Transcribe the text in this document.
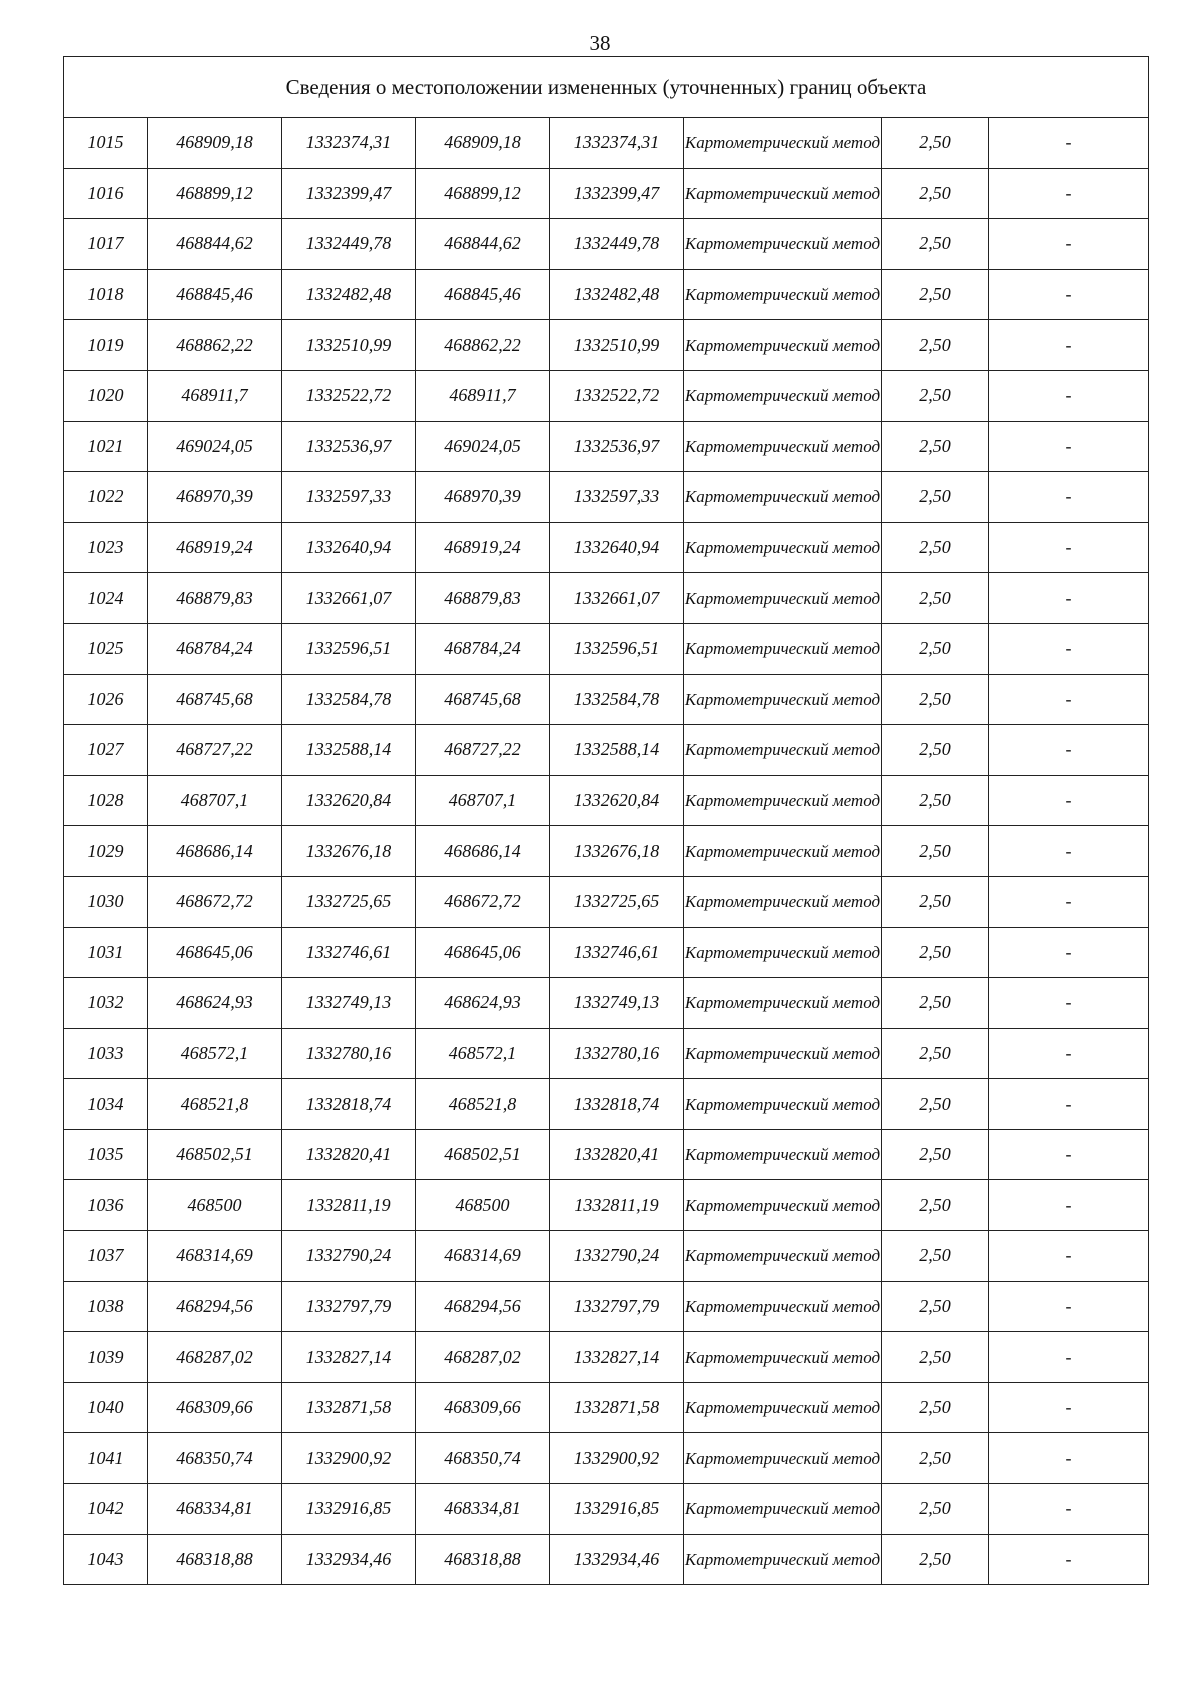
38
Сведения о местоположении измененных (уточненных) границ объекта							
1015	468909,18	1332374,31	468909,18	1332374,31	Картометрический метод	2,50	-
1016	468899,12	1332399,47	468899,12	1332399,47	Картометрический метод	2,50	-
1017	468844,62	1332449,78	468844,62	1332449,78	Картометрический метод	2,50	-
1018	468845,46	1332482,48	468845,46	1332482,48	Картометрический метод	2,50	-
1019	468862,22	1332510,99	468862,22	1332510,99	Картометрический метод	2,50	-
1020	468911,7	1332522,72	468911,7	1332522,72	Картометрический метод	2,50	-
1021	469024,05	1332536,97	469024,05	1332536,97	Картометрический метод	2,50	-
1022	468970,39	1332597,33	468970,39	1332597,33	Картометрический метод	2,50	-
1023	468919,24	1332640,94	468919,24	1332640,94	Картометрический метод	2,50	-
1024	468879,83	1332661,07	468879,83	1332661,07	Картометрический метод	2,50	-
1025	468784,24	1332596,51	468784,24	1332596,51	Картометрический метод	2,50	-
1026	468745,68	1332584,78	468745,68	1332584,78	Картометрический метод	2,50	-
1027	468727,22	1332588,14	468727,22	1332588,14	Картометрический метод	2,50	-
1028	468707,1	1332620,84	468707,1	1332620,84	Картометрический метод	2,50	-
1029	468686,14	1332676,18	468686,14	1332676,18	Картометрический метод	2,50	-
1030	468672,72	1332725,65	468672,72	1332725,65	Картометрический метод	2,50	-
1031	468645,06	1332746,61	468645,06	1332746,61	Картометрический метод	2,50	-
1032	468624,93	1332749,13	468624,93	1332749,13	Картометрический метод	2,50	-
1033	468572,1	1332780,16	468572,1	1332780,16	Картометрический метод	2,50	-
1034	468521,8	1332818,74	468521,8	1332818,74	Картометрический метод	2,50	-
1035	468502,51	1332820,41	468502,51	1332820,41	Картометрический метод	2,50	-
1036	468500	1332811,19	468500	1332811,19	Картометрический метод	2,50	-
1037	468314,69	1332790,24	468314,69	1332790,24	Картометрический метод	2,50	-
1038	468294,56	1332797,79	468294,56	1332797,79	Картометрический метод	2,50	-
1039	468287,02	1332827,14	468287,02	1332827,14	Картометрический метод	2,50	-
1040	468309,66	1332871,58	468309,66	1332871,58	Картометрический метод	2,50	-
1041	468350,74	1332900,92	468350,74	1332900,92	Картометрический метод	2,50	-
1042	468334,81	1332916,85	468334,81	1332916,85	Картометрический метод	2,50	-
1043	468318,88	1332934,46	468318,88	1332934,46	Картометрический метод	2,50	-
